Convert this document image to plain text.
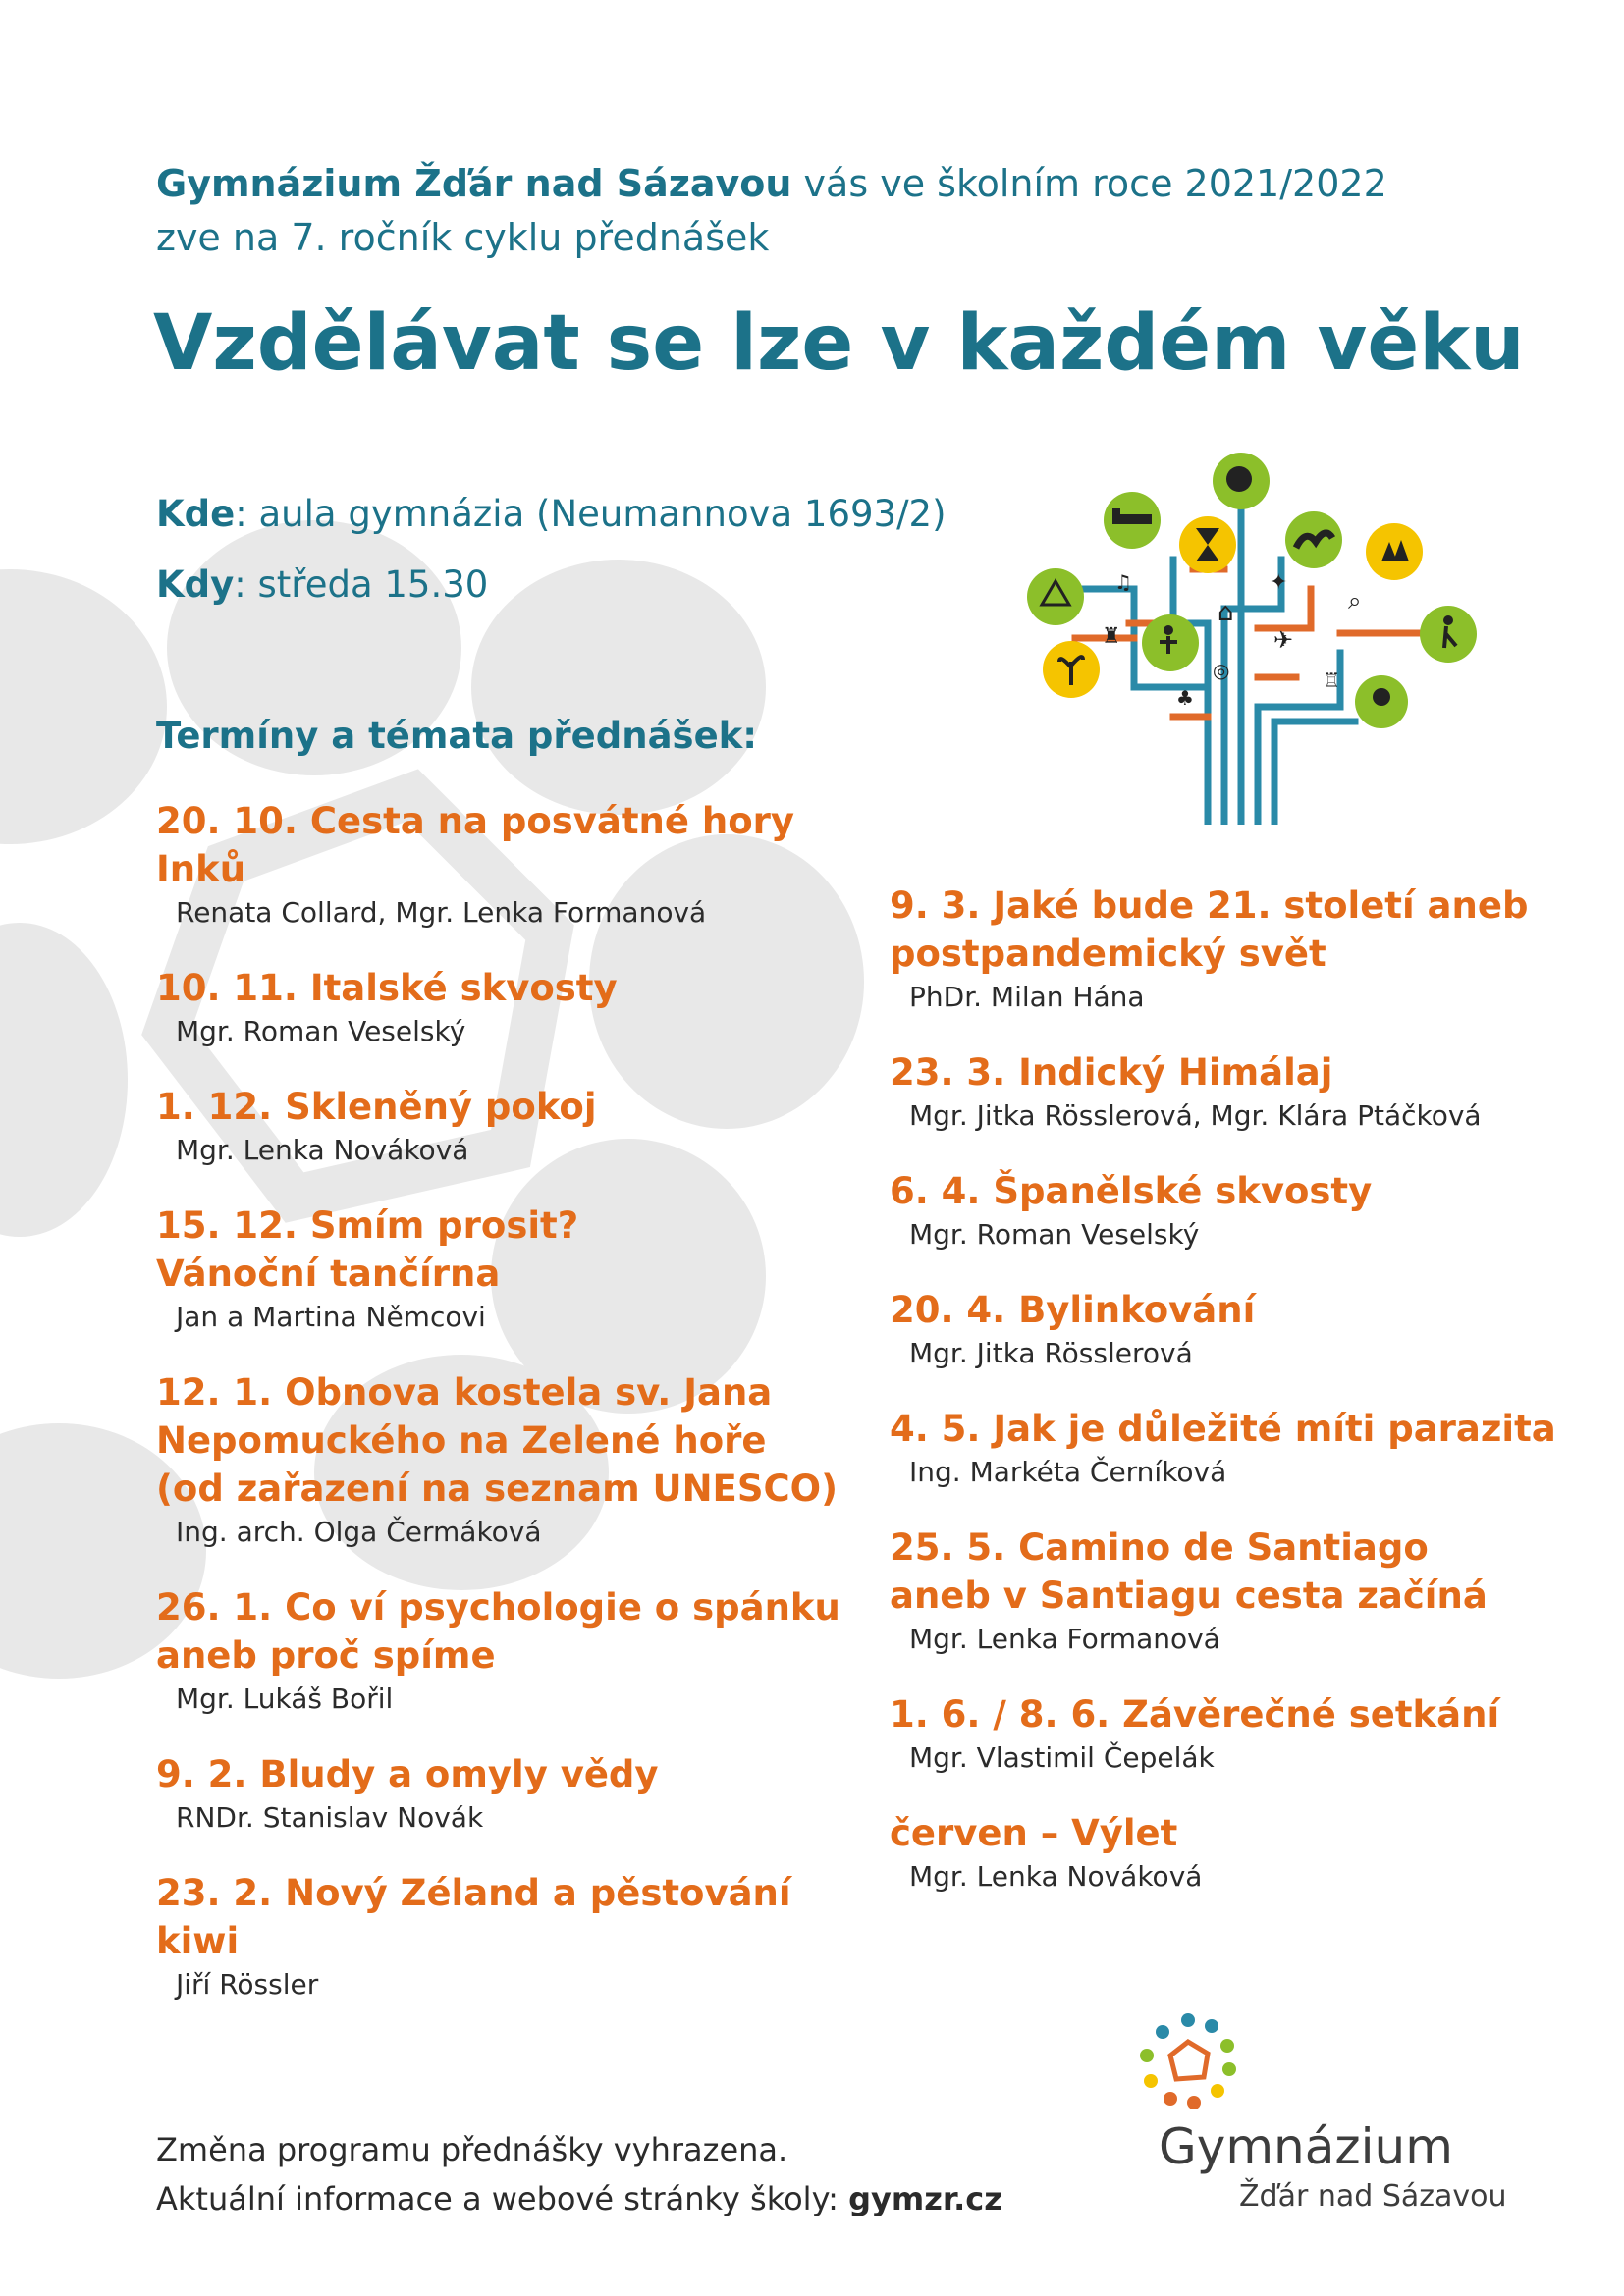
Gymnázium Žďár nad Sázavou vás ve školním roce 2021/2022
zve na 7. ročník cyklu přednášek
Vzdělávat se lze v každém věku
Kde: aula gymnázia (Neumannova 1693/2)
Kdy: středa 15.30
Termíny a témata přednášek:
20. 10. Cesta na posvátné hory Inků
Renata Collard, Mgr. Lenka Formanová
10. 11. Italské skvosty
Mgr. Roman Veselský
1. 12. Skleněný pokoj
Mgr. Lenka Nováková
15. 12. Smím prosit?
Vánoční tančírna
Jan a Martina Němcovi
12. 1. Obnova kostela sv. Jana
Nepomuckého na Zelené hoře
(od zařazení na seznam UNESCO)
Ing. arch. Olga Čermáková
26. 1. Co ví psychologie o spánku
aneb proč spíme
Mgr. Lukáš Bořil
9. 2. Bludy a omyly vědy
RNDr. Stanislav Novák
23. 2. Nový Zéland a pěstování kiwi
Jiří Rössler
9. 3. Jaké bude 21. století aneb
postpandemický svět
PhDr. Milan Hána
23. 3. Indický Himálaj
Mgr. Jitka Rösslerová, Mgr. Klára Ptáčková
6. 4. Španělské skvosty
Mgr. Roman Veselský
20. 4. Bylinkování
Mgr. Jitka Rösslerová
4. 5. Jak je důležité míti parazita
Ing. Markéta Černíková
25. 5. Camino de Santiago
aneb v Santiagu cesta začíná
Mgr. Lenka Formanová
1. 6. / 8. 6. Závěrečné setkání
Mgr. Vlastimil Čepelák
červen – Výlet
Mgr. Lenka Nováková
♜
⌂
✦
✈
⌕
♣
◎	♖
♫
Změna programu přednášky vyhrazena.
Aktuální informace a webové stránky školy: gymzr.cz
Gymnázium
Žďár nad Sázavou
